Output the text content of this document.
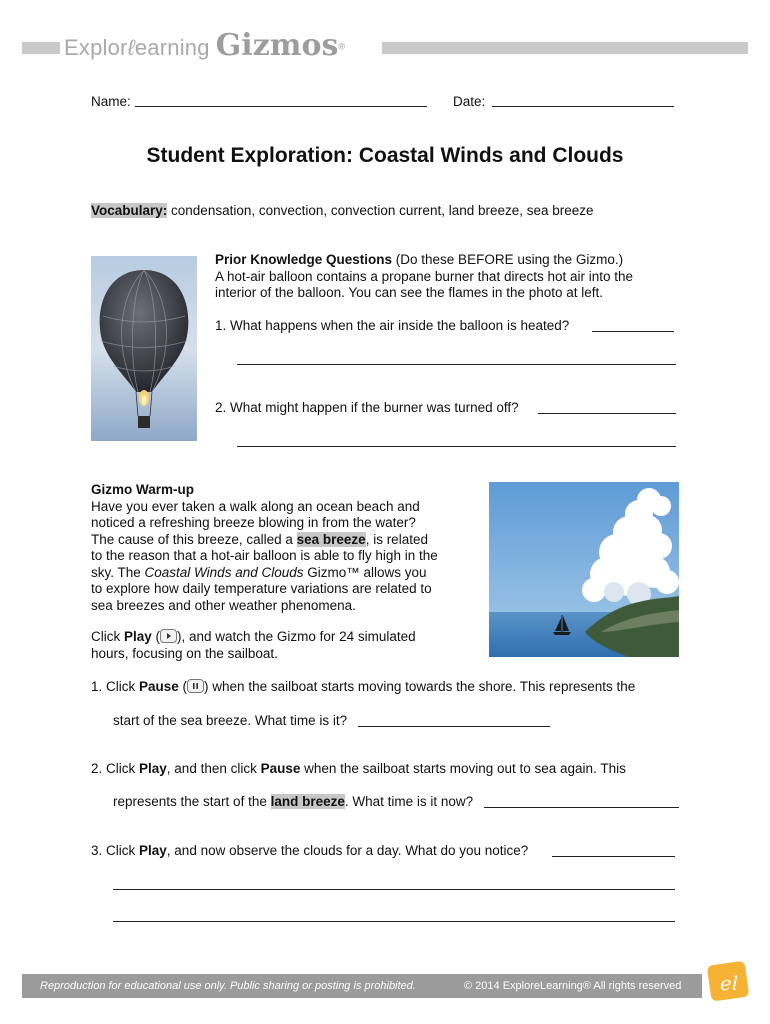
Explorℓearning Gizmos®
Name:	Date:
Student Exploration: Coastal Winds and Clouds
Vocabulary: condensation, convection, convection current, land breeze, sea breeze

Prior Knowledge Questions (Do these BEFORE using the Gizmo.)

A hot-air balloon contains a propane burner that directs hot air into the

interior of the balloon. You can see the flames in the photo at left.

1. What happens when the air inside the balloon is heated?
2. What might happen if the burner was turned off?

Gizmo Warm-up

Have you ever taken a walk along an ocean beach and

noticed a refreshing breeze blowing in from the water?

The cause of this breeze, called a sea breeze, is related

to the reason that a hot-air balloon is able to fly high in the

sky. The Coastal Winds and Clouds Gizmo™ allows you

to explore how daily temperature variations are related to

sea breezes and other weather phenomena.

Click Play ( ), and watch the Gizmo for 24 simulated

hours, focusing on the sailboat.

1. Click Pause ( ) when the sailboat starts moving towards the shore. This represents the
start of the sea breeze. What time is it?
2. Click Play, and then click Pause when the sailboat starts moving out to sea again. This
represents the start of the land breeze. What time is it now?
3. Click Play, and now observe the clouds for a day. What do you notice?
Reproduction for educational use only. Public sharing or posting is prohibited.	© 2014 ExploreLearning® All rights reserved el
